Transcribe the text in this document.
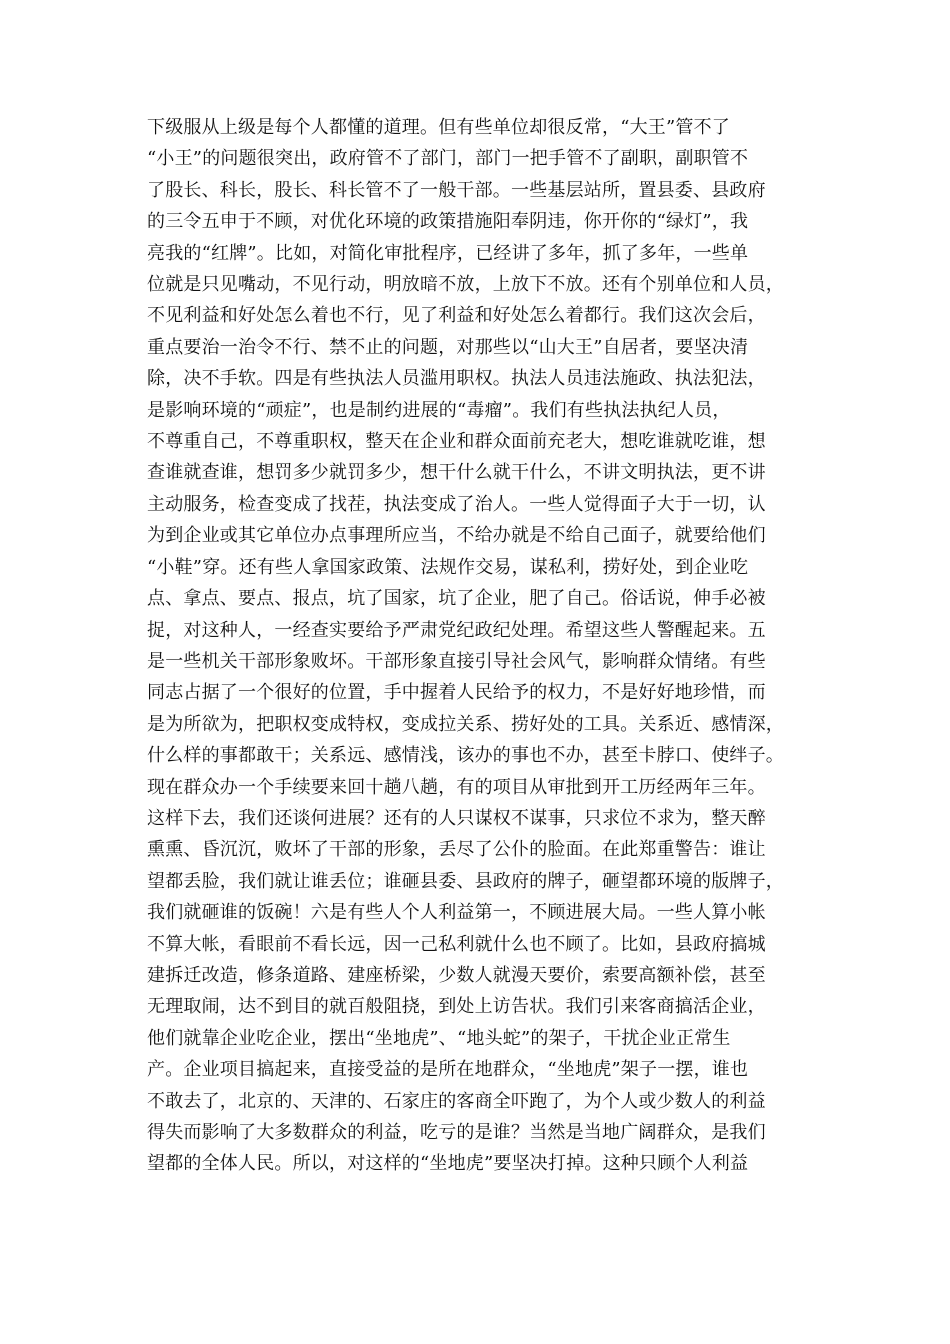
下级服从上级是每个人都懂的道理。但有些单位却很反常，“大王”管不了
“小王”的问题很突出，政府管不了部门，部门一把手管不了副职，副职管不
了股长、科长，股长、科长管不了一般干部。一些基层站所，置县委、县政府
的三令五申于不顾，对优化环境的政策措施阳奉阴违，你开你的“绿灯”，我
亮我的“红牌”。比如，对简化审批程序，已经讲了多年，抓了多年，一些单
位就是只见嘴动，不见行动，明放暗不放，上放下不放。还有个别单位和人员，
不见利益和好处怎么着也不行，见了利益和好处怎么着都行。我们这次会后，
重点要治一治令不行、禁不止的问题，对那些以“山大王”自居者，要坚决清
除，决不手软。四是有些执法人员滥用职权。执法人员违法施政、执法犯法，
是影响环境的“顽症”，也是制约进展的“毒瘤”。我们有些执法执纪人员，
不尊重自己，不尊重职权，整天在企业和群众面前充老大，想吃谁就吃谁，想
查谁就查谁，想罚多少就罚多少，想干什么就干什么，不讲文明执法，更不讲
主动服务，检查变成了找茬，执法变成了治人。一些人觉得面子大于一切，认
为到企业或其它单位办点事理所应当，不给办就是不给自己面子，就要给他们
“小鞋”穿。还有些人拿国家政策、法规作交易，谋私利，捞好处，到企业吃
点、拿点、要点、报点，坑了国家，坑了企业，肥了自己。俗话说，伸手必被
捉，对这种人，一经查实要给予严肃党纪政纪处理。希望这些人警醒起来。五
是一些机关干部形象败坏。干部形象直接引导社会风气，影响群众情绪。有些
同志占据了一个很好的位置，手中握着人民给予的权力，不是好好地珍惜，而
是为所欲为，把职权变成特权，变成拉关系、捞好处的工具。关系近、感情深，
什么样的事都敢干；关系远、感情浅，该办的事也不办，甚至卡脖口、使绊子。
现在群众办一个手续要来回十趟八趟，有的项目从审批到开工历经两年三年。
这样下去，我们还谈何进展？还有的人只谋权不谋事，只求位不求为，整天醉
熏熏、昏沉沉，败坏了干部的形象，丢尽了公仆的脸面。在此郑重警告：谁让
望都丢脸，我们就让谁丢位；谁砸县委、县政府的牌子，砸望都环境的版牌子，
我们就砸谁的饭碗！六是有些人个人利益第一，不顾进展大局。一些人算小帐
不算大帐，看眼前不看长远，因一己私利就什么也不顾了。比如，县政府搞城
建拆迁改造，修条道路、建座桥梁，少数人就漫天要价，索要高额补偿，甚至
无理取闹，达不到目的就百般阻挠，到处上访告状。我们引来客商搞活企业，
他们就靠企业吃企业，摆出“坐地虎”、“地头蛇”的架子，干扰企业正常生
产。企业项目搞起来，直接受益的是所在地群众，“坐地虎”架子一摆，谁也
不敢去了，北京的、天津的、石家庄的客商全吓跑了，为个人或少数人的利益
得失而影响了大多数群众的利益，吃亏的是谁？当然是当地广阔群众，是我们
望都的全体人民。所以，对这样的“坐地虎”要坚决打掉。这种只顾个人利益
